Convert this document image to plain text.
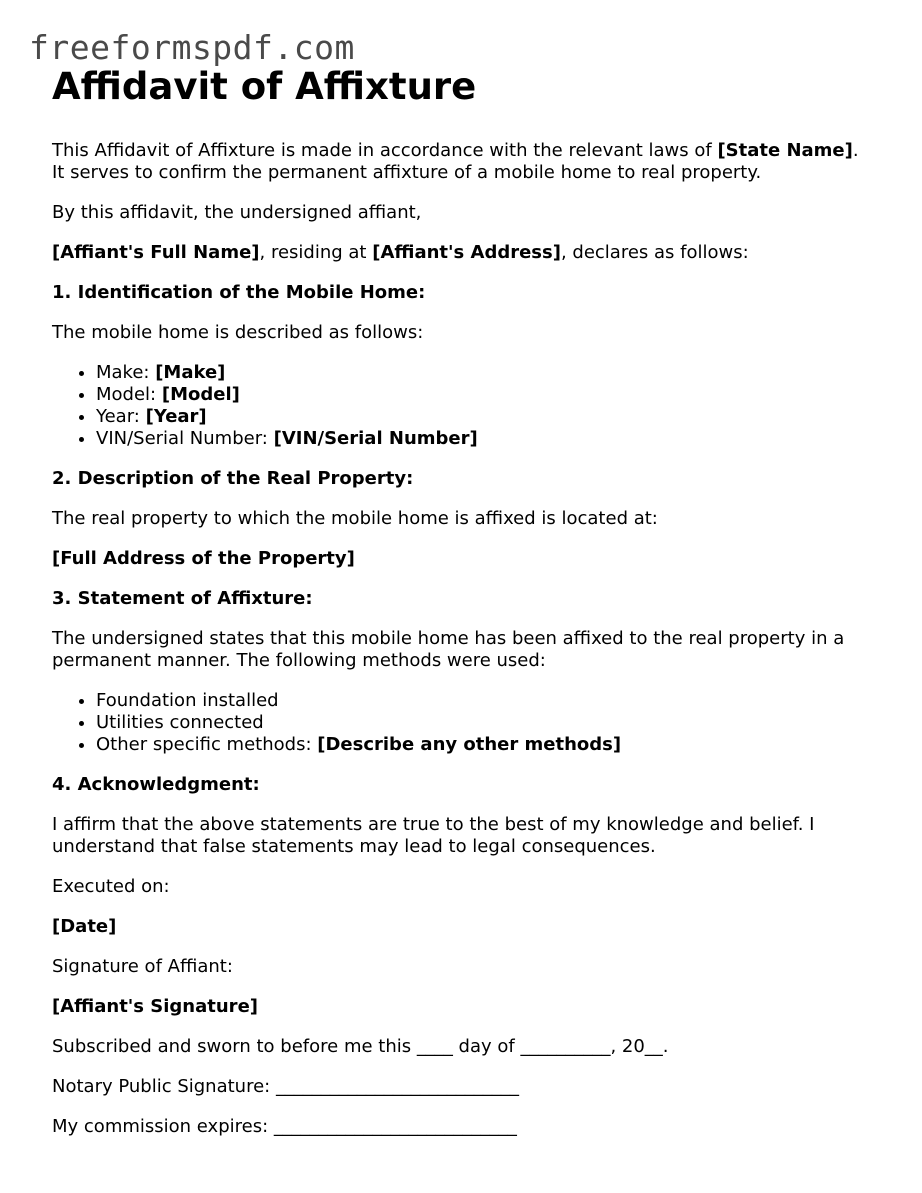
freeformspdf.com
Affidavit of Affixture

This Affidavit of Affixture is made in accordance with the relevant laws of [State Name].
It serves to confirm the permanent affixture of a mobile home to real property.

By this affidavit, the undersigned affiant,

[Affiant's Full Name], residing at [Affiant's Address], declares as follows:

1. Identification of the Mobile Home:

The mobile home is described as follows:

• Make: [Make]
• Model: [Model]
• Year: [Year]
• VIN/Serial Number: [VIN/Serial Number]

2. Description of the Real Property:

The real property to which the mobile home is affixed is located at:

[Full Address of the Property]

3. Statement of Affixture:

The undersigned states that this mobile home has been affixed to the real property in a permanent manner. The following methods were used:

• Foundation installed
• Utilities connected
• Other specific methods: [Describe any other methods]

4. Acknowledgment:

I affirm that the above statements are true to the best of my knowledge and belief. I understand that false statements may lead to legal consequences.

Executed on:

[Date]

Signature of Affiant:

[Affiant's Signature]

Subscribed and sworn to before me this ____ day of __________, 20__.

Notary Public Signature: ___________________________

My commission expires: ___________________________
